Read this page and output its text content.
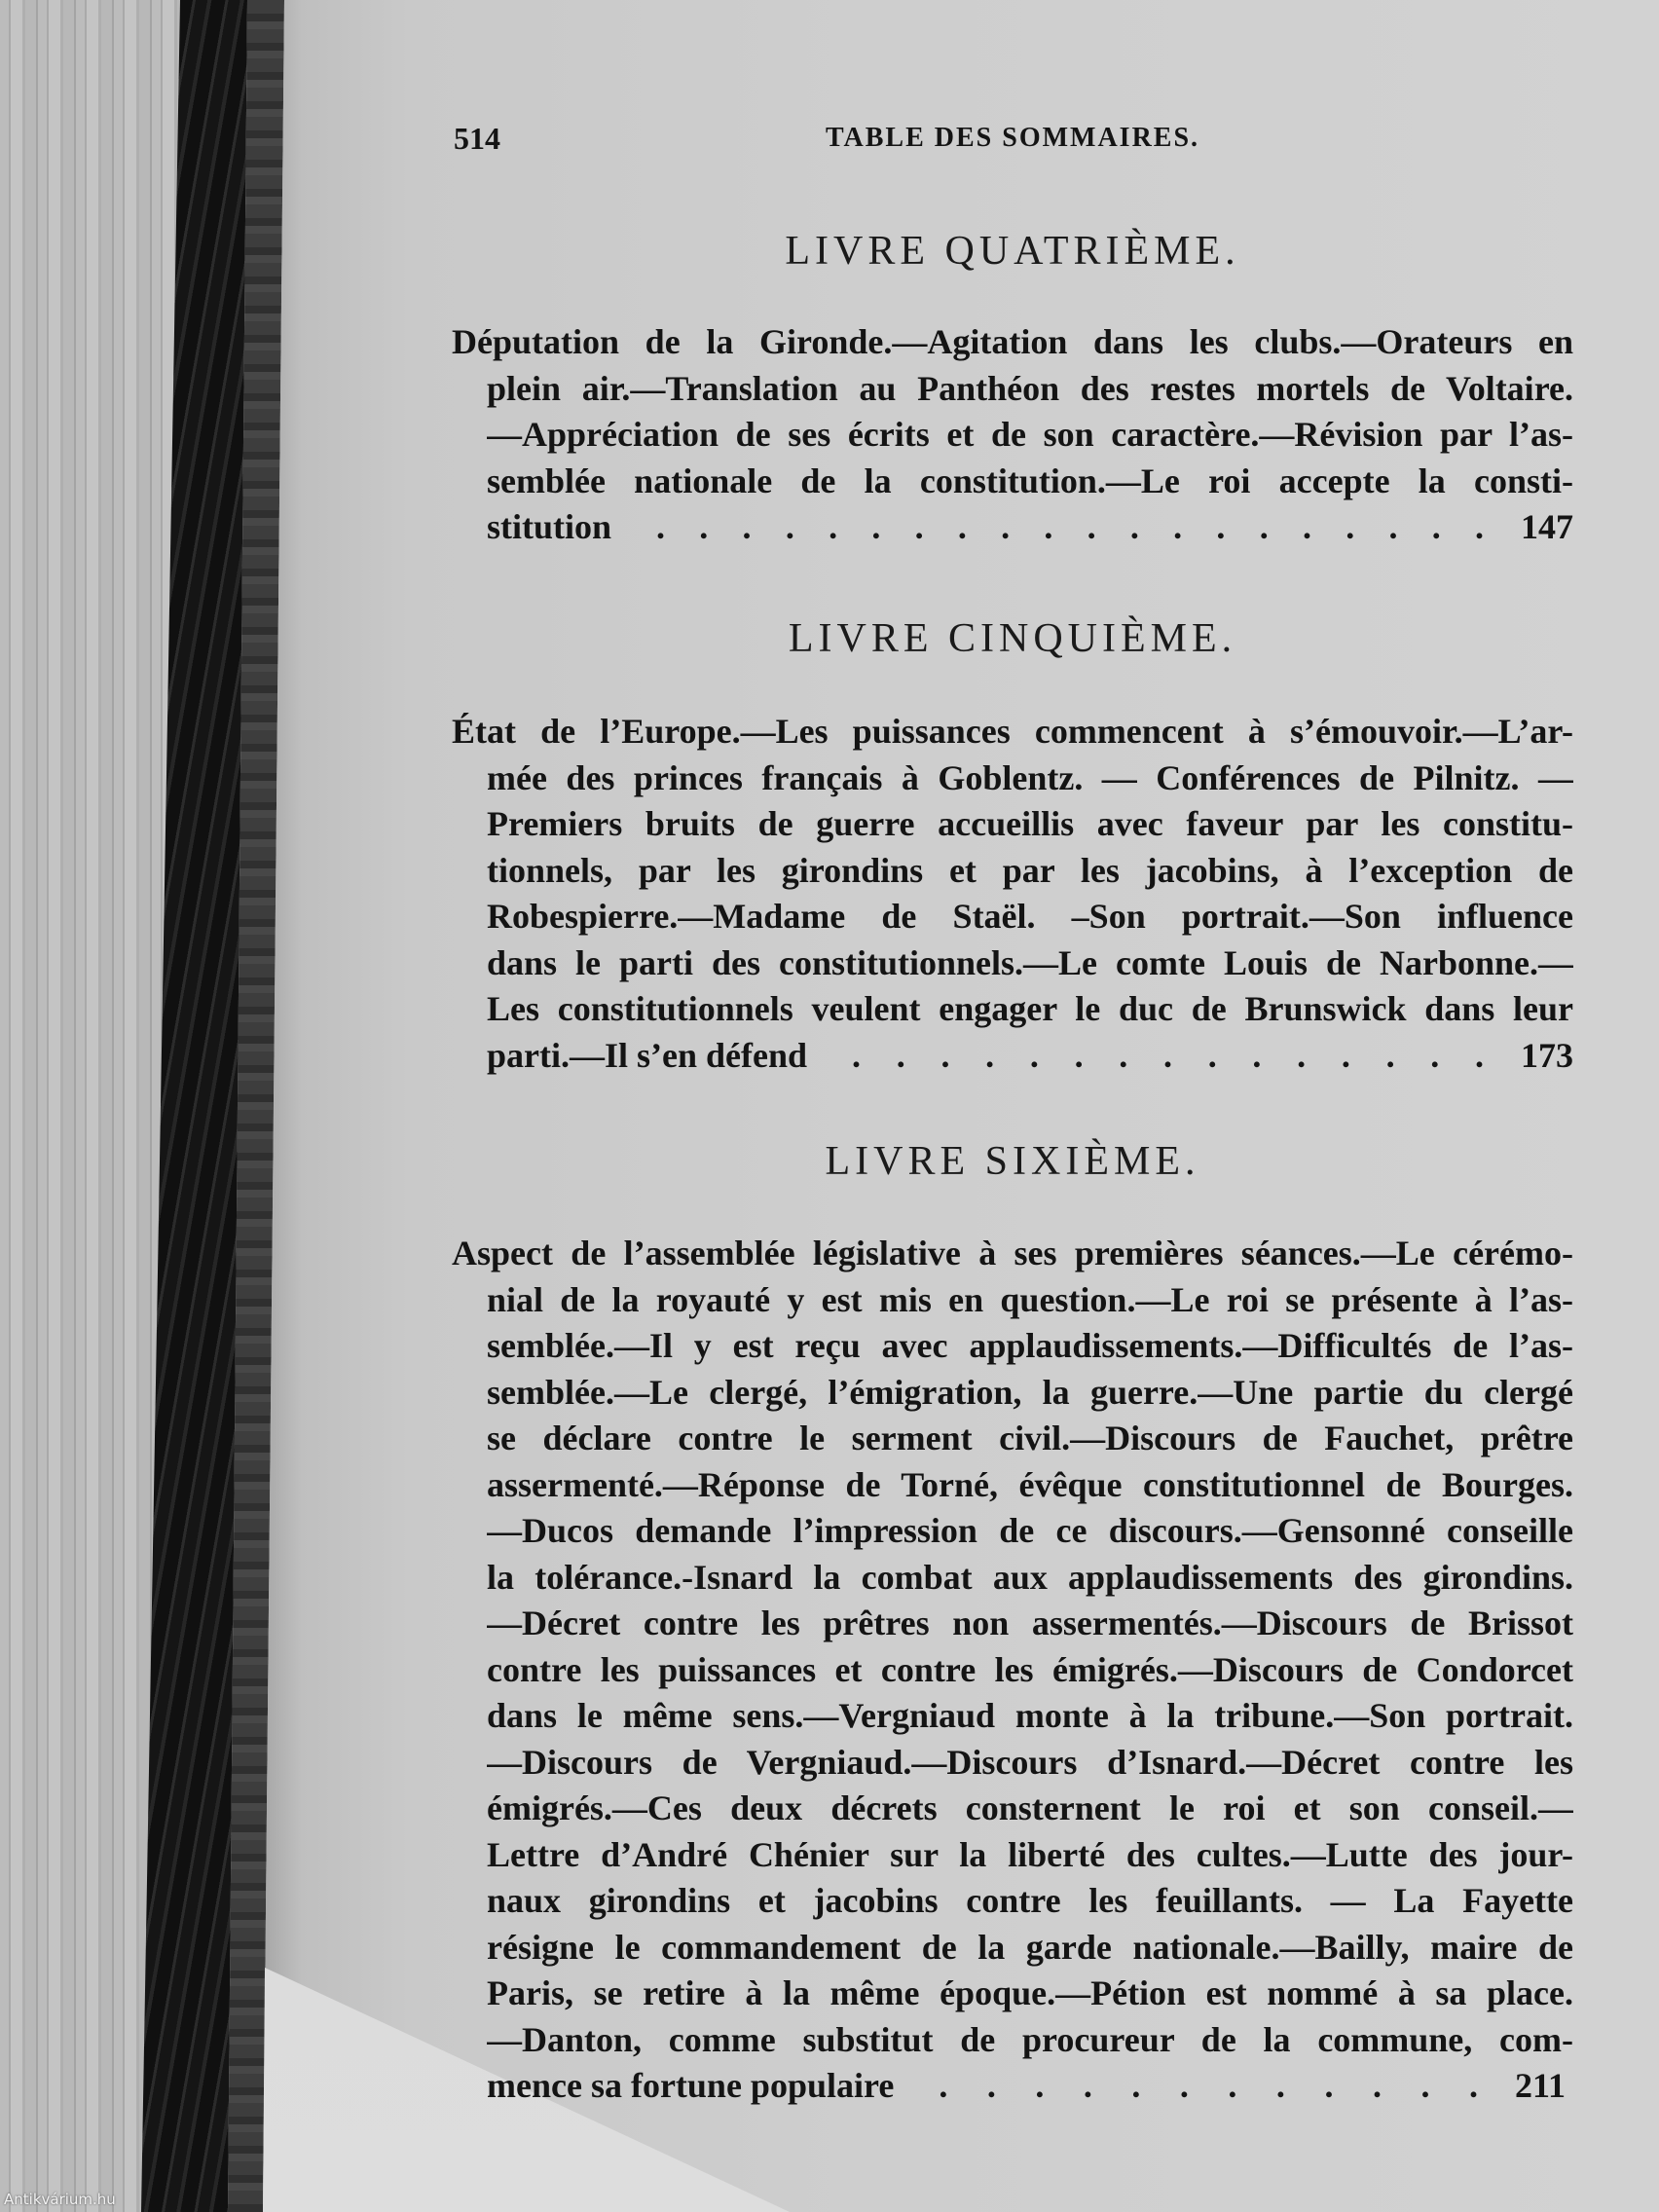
514	TABLE DES SOMMAIRES.
LIVRE QUATRIÈME.
Députation de la Gironde.—Agitation dans les clubs.—Orateurs en
plein air.—Translation au Panthéon des restes mortels de Voltaire.
—Appréciation de ses écrits et de son caractère.—Révision par l’as-
semblée nationale de la constitution.—Le roi accepte la consti-
stitution . . . . . . . . . . . . . . . . . . . . 147
LIVRE CINQUIÈME.
État de l’Europe.—Les puissances commencent à s’émouvoir.—L’ar-
mée des princes français à Goblentz. — Conférences de Pilnitz. —
Premiers bruits de guerre accueillis avec faveur par les constitu-
tionnels, par les girondins et par les jacobins, à l’exception de
Robespierre.—Madame de Staël. –Son portrait.—Son influence
dans le parti des constitutionnels.—Le comte Louis de Narbonne.—
Les constitutionnels veulent engager le duc de Brunswick dans leur
parti.—Il s’en défend . . . . . . . . . . . . . . . 173
LIVRE SIXIÈME.
Aspect de l’assemblée législative à ses premières séances.—Le cérémo-
nial de la royauté y est mis en question.—Le roi se présente à l’as-
semblée.—Il y est reçu avec applaudissements.—Difficultés de l’as-
semblée.—Le clergé, l’émigration, la guerre.—Une partie du clergé
se déclare contre le serment civil.—Discours de Fauchet, prêtre
assermenté.—Réponse de Torné, évêque constitutionnel de Bourges.
—Ducos demande l’impression de ce discours.—Gensonné conseille
la tolérance.-Isnard la combat aux applaudissements des girondins.
—Décret contre les prêtres non assermentés.—Discours de Brissot
contre les puissances et contre les émigrés.—Discours de Condorcet
dans le même sens.—Vergniaud monte à la tribune.—Son portrait.
—Discours de Vergniaud.—Discours d’Isnard.—Décret contre les
émigrés.—Ces deux décrets consternent le roi et son conseil.—
Lettre d’André Chénier sur la liberté des cultes.—Lutte des jour-
naux girondins et jacobins contre les feuillants. — La Fayette
résigne le commandement de la garde nationale.—Bailly, maire de
Paris, se retire à la même époque.—Pétion est nommé à sa place.
—Danton, comme substitut de procureur de la commune, com-
mence sa fortune populaire . . . . . . . . . . . . 211
Antikvárium.hu
